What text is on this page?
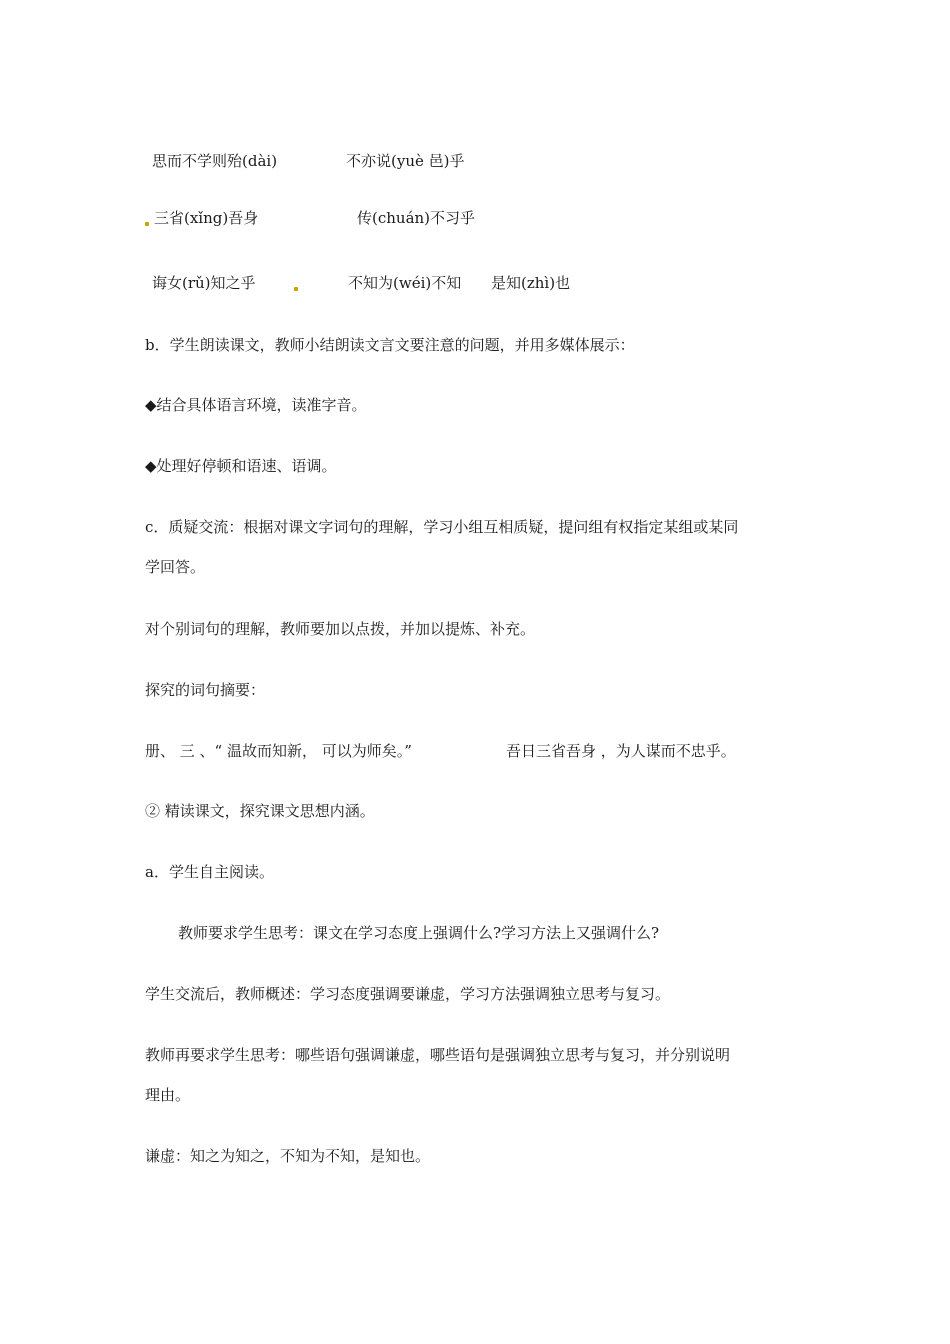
思而不学则殆(dài)	不亦说(yuè 邑)乎
三省(xǐng)吾身	传(chuán)不习乎
诲女(rǔ)知之乎	不知为(wéi)不知 是知(zhì)也
b．学生朗读课文，教师小结朗读文言文要注意的问题，并用多媒体展示：
◆结合具体语言环境，读准字音。
◆处理好停顿和语速、语调。
c．质疑交流：根据对课文字词句的理解，学习小组互相质疑，提问组有权指定某组或某同
学回答。
对个别词句的理解，教师要加以点拨，并加以提炼、补充。
探究的词句摘要：
册、 三 、“ 温故而知新， 可以为师矣。”	吾日三省吾身 ，为人谋而不忠乎。
② 精读课文，探究课文思想内涵。
a．学生自主阅读。
教师要求学生思考：课文在学习态度上强调什么?学习方法上又强调什么?
学生交流后，教师概述：学习态度强调要谦虚，学习方法强调独立思考与复习。
教师再要求学生思考：哪些语句强调谦虚，哪些语句是强调独立思考与复习，并分别说明
理由。
谦虚：知之为知之，不知为不知，是知也。
